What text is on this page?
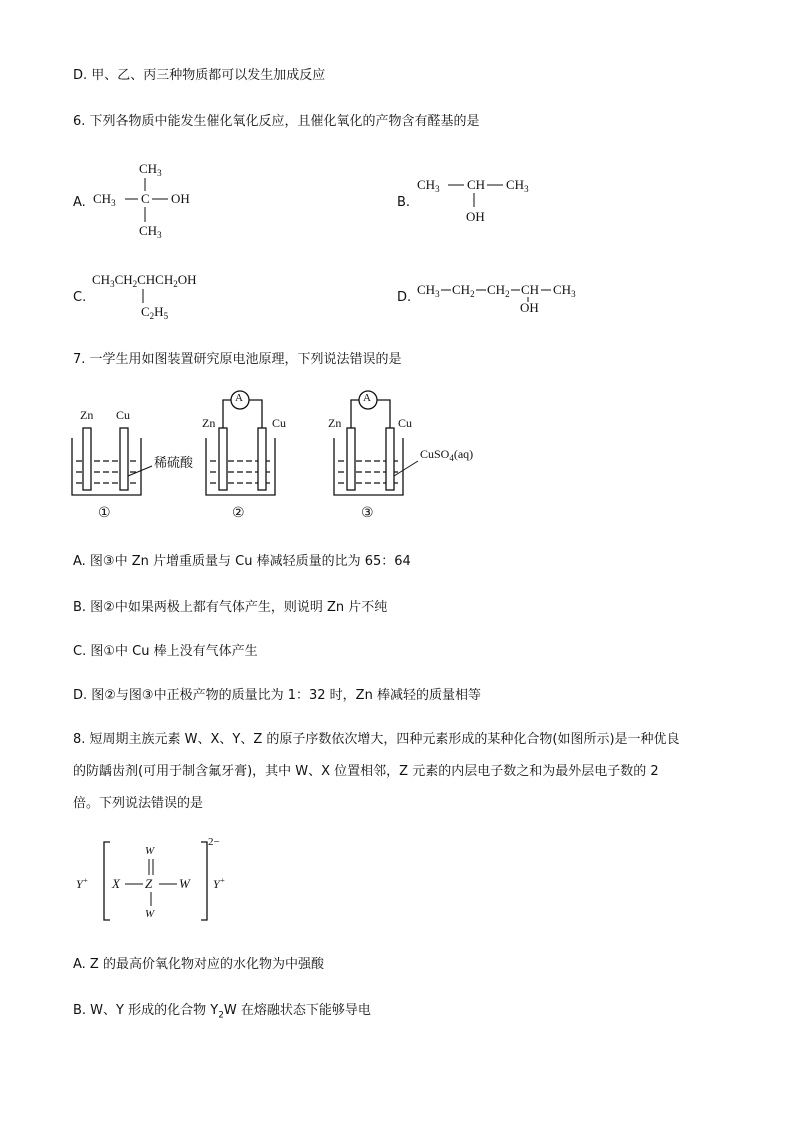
D. 甲、乙、丙三种物质都可以发生加成反应
6. 下列各物质中能发生催化氧化反应，且催化氧化的产物含有醛基的是
A.
$CH_3$
$CH_3$ C OH
$CH_3$
B.
$CH_3$ CH $CH_3$
OH
C.
$CH_3CH_2CHCH_2OH$
$C_2H_5$
D.
$CH_3$ $CH_2$ $CH_2$ CH $CH_3$
OH
7. 一学生用如图装置研究原电池原理，下列说法错误的是
Zn Cu
稀硫酸
Zn	Cu
A
Zn	Cu
A
CuSO$_4$(aq)
①	②	③
A. 图③中 Zn 片增重质量与 Cu 棒减轻质量的比为 65：64
B. 图②中如果两极上都有气体产生，则说明 Zn 片不纯
C. 图①中 Cu 棒上没有气体产生
D. 图②与图③中正极产物的质量比为 1：32 时，Zn 棒减轻的质量相等
8. 短周期主族元素 W、X、Y、Z 的原子序数依次增大，四种元素形成的某种化合物(如图所示)是一种优良
的防龋齿剂(可用于制含氟牙膏)，其中 W、X 位置相邻，Z 元素的内层电子数之和为最外层电子数的 2
倍。下列说法错误的是
Y+ X Z
W
W
W
2−
Y+
A. Z 的最高价氧化物对应的水化物为中强酸
B. W、Y 形成的化合物 $Y_2W$ 在熔融状态下能够导电
